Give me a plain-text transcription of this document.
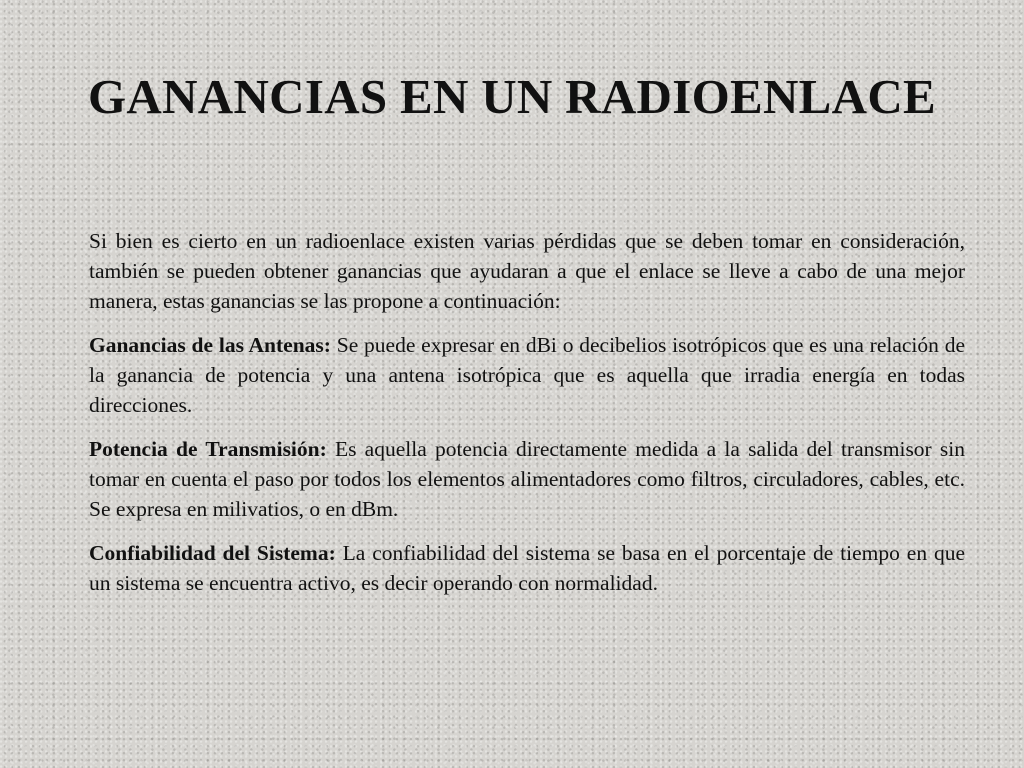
GANANCIAS EN UN RADIOENLACE

Si bien es cierto en un radioenlace existen varias pérdidas que se deben tomar en consideración, también se pueden obtener ganancias que ayudaran a que el enlace se lleve a cabo de una mejor manera, estas ganancias se las propone a continuación:

Ganancias de las Antenas: Se puede expresar en dBi o decibelios isotrópicos que es una relación de la ganancia de potencia y una antena isotrópica que es aquella que irradia energía en todas direcciones.

Potencia de Transmisión: Es aquella potencia directamente medida a la salida del transmisor sin tomar en cuenta el paso por todos los elementos alimentadores como filtros, circuladores, cables, etc. Se expresa en milivatios, o en dBm.

Confiabilidad del Sistema: La confiabilidad del sistema se basa en el porcentaje de tiempo en que un sistema se encuentra activo, es decir operando con normalidad.
